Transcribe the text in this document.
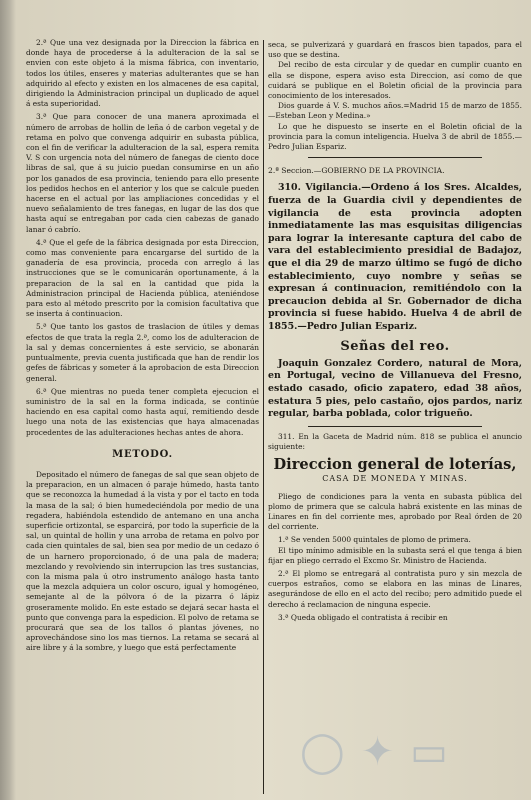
2.ª Que una vez designada por la Direccion la fábrica en donde haya de procederse á la adulteracion de la sal se envien con este objeto á la misma fábrica, con inventario, todos los útiles, enseres y materias adulterantes que se han adquirido al efecto y existen en los almacenes de esa capital, dirigiendo la Administracion principal un duplicado de aquel á esta superioridad.

3.ª Que para conocer de una manera aproximada el número de arrobas de hollin de leña ó de carbon vegetal y de retama en polvo que convenga adquirir en subasta pública, con el fin de verificar la adulteracion de la sal, espera remita V. S con urgencia nota del número de fanegas de ciento doce libras de sal, que á su juicio puedan consumirse en un año por los ganados de esa provincia, teniendo para ello presente los pedidos hechos en el anterior y los que se calcule pueden hacerse en el actual por las ampliaciones concedidas y el nuevo señalamiento de tres fanegas, en lugar de las dos que hasta aquí se entregaban por cada cien cabezas de ganado lanar ó cabrío.

4.ª Que el gefe de la fábrica designada por esta Direccion, como mas conveniente para encargarse del surtido de la ganadería de esa provincia, proceda con arreglo á las instrucciones que se le comunicarán oportunamente, á la preparacion de la sal en la cantidad que pida la Administracion principal de Hacienda pública, ateniéndose para esto al método prescrito por la comision facultativa que se inserta á continuacion.

5.ª Que tanto los gastos de traslacion de útiles y demas efectos de que trata la regla 2.ª, como los de adulteracion de la sal y demas concernientes á este servicio, se abonarán puntualmente, previa cuenta justificada que han de rendir los gefes de fábricas y someter á la aprobacion de esta Direccion general.

6.ª Que mientras no pueda tener completa ejecucion el suministro de la sal en la forma indicada, se continúe haciendo en esa capital como hasta aquí, remitiendo desde luego una nota de las existencias que haya almacenadas procedentes de las adulteraciones hechas antes de ahora.

METODO.

Depositado el número de fanegas de sal que sean objeto de la preparacion, en un almacen ó paraje húmedo, hasta tanto que se reconozca la humedad á la vista y por el tacto en toda la masa de la sal; ó bien humedeciéndola por medio de una regadera, habiéndola estendido de antemano en una ancha superficie ortizontal, se esparcirá, por todo la superficie de la sal, un quintal de hollin y una arroba de retama en polvo por cada cien quintales de sal, bien sea por medio de un cedazo ó de un harnero proporcionado, ó de una pala de madera; mezclando y revolviendo sin interrupcion las tres sustancias, con la misma pala ú otro instrumento análogo hasta tanto que la mezcla adquiera un color oscuro, igual y homogéneo, semejante al de la pólvora ó de la pizarra ó lápiz groseramente molido. En este estado se dejará secar hasta el punto que convenga para la espedicion. El polvo de retama se procurará que sea de los tallos ó plantas jóvenes, no aprovechándose sino los mas tiernos. La retama se secará al aire libre y á la sombre, y luego que está perfectamente

seca, se pulverizará y guardará en frascos bien tapados, para el uso que se destina.

Del recibo de esta circular y de quedar en cumplir cuanto en ella se dispone, espera aviso esta Direccion, así como de que cuidará se publique en el Boletin oficial de la provincia para conocimiento de los interesados.

Dios guarde á V. S. muchos años.=Madrid 15 de marzo de 1855.—Esteban Leon y Medina.»

Lo que he dispuesto se inserte en el Boletin oficial de la provincia para la comun inteligencia. Huelva 3 de abril de 1855.—Pedro Julian Espariz.

2.ª Seccion.—GOBIERNO DE LA PROVINCIA.

310. Vigilancia.—Ordeno á los Sres. Alcaldes, fuerza de la Guardia civil y dependientes de vigilancia de esta provincia adopten inmediatamente las mas esquisitas diligencias para lograr la interesante captura del cabo de vara del establecimiento presidial de Badajoz, que el dia 29 de marzo último se fugó de dicho establecimiento, cuyo nombre y señas se expresan á continuacion, remitiéndolo con la precaucion debida al Sr. Gobernador de dicha provincia si fuese habido. Huelva 4 de abril de 1855.—Pedro Julian Espariz.

Señas del reo.

Joaquin Gonzalez Cordero, natural de Mora, en Portugal, vecino de Villanueva del Fresno, estado casado, oficio zapatero, edad 38 años, estatura 5 pies, pelo castaño, ojos pardos, nariz regular, barba poblada, color trigueño.

311. En la Gaceta de Madrid núm. 818 se publica el anuncio siguiente:

Direccion general de loterías,

CASA DE MONEDA Y MINAS.

Pliego de condiciones para la venta en subasta pública del plomo de primera que se calcula habrá existente en las minas de Linares en fin del corriente mes, aprobado por Real órden de 20 del corriente.

1.ª Se venden 5000 quintales de plomo de primera.

El tipo mínimo admisible en la subasta será el que tenga á bien fijar en pliego cerrado el Excmo Sr. Ministro de Hacienda.

2.ª El plomo se entregará al contratista puro y sin mezcla de cuerpos estraños, como se elabora en las minas de Linares, asegurándose de ello en el acto del recibo; pero admitido puede el derecho á reclamacion de ninguna especie.

3.ª Queda obligado el contratista á recibir en

◯ ✦ ▭
